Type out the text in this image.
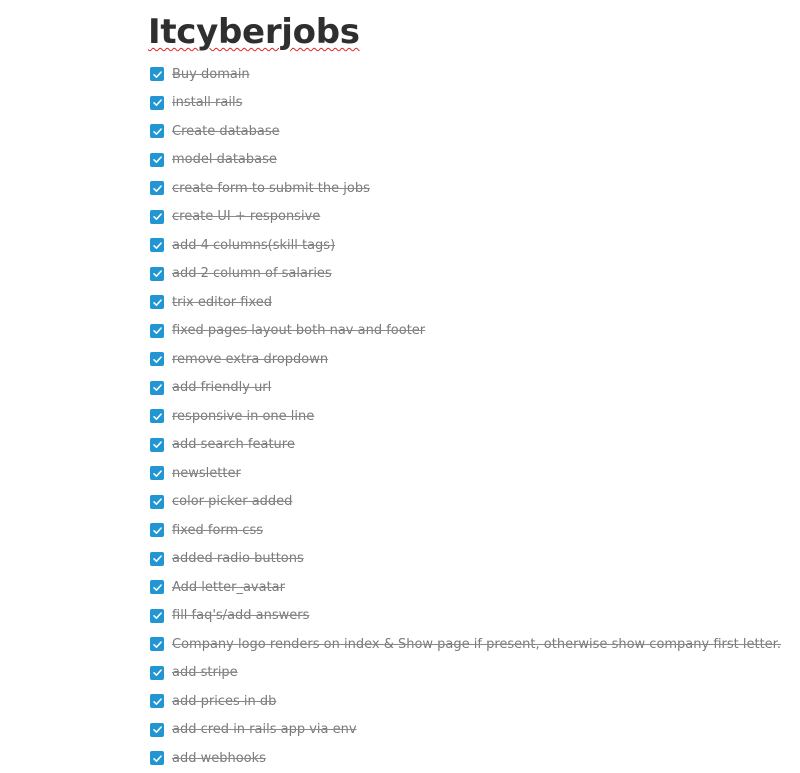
Itcyberjobs
Buy domain
install rails
Create database
model database
create form to submit the jobs
create UI + responsive
add 4 columns(skill tags)
add 2 column of salaries
trix editor fixed
fixed pages layout both nav and footer
remove extra dropdown
add friendly url
responsive in one line
add search feature
newsletter
color picker added
fixed form css
added radio buttons
Add letter_avatar
fill faq's/add answers
Company logo renders on index & Show page if present, otherwise show company first letter.
add stripe
add prices in db
add cred in rails app via env
add webhooks
